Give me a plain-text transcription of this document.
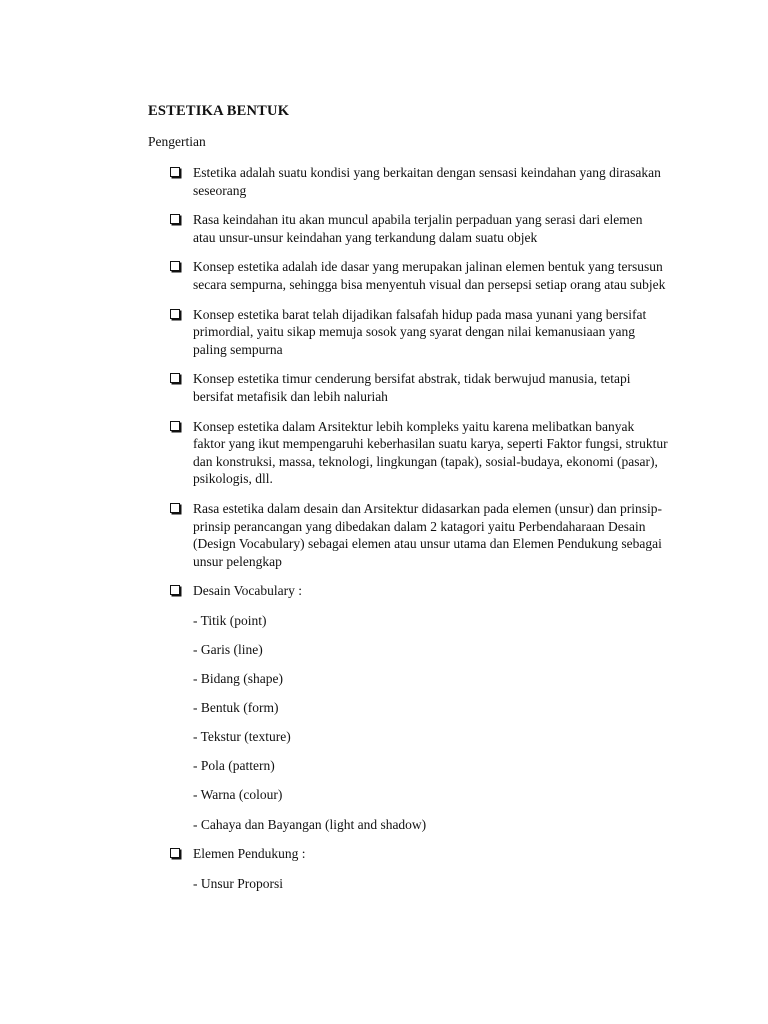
ESTETIKA BENTUK

Pengertian

Estetika adalah suatu kondisi yang berkaitan dengan sensasi keindahan yang dirasakan seseorang
Rasa keindahan itu akan muncul apabila terjalin perpaduan yang serasi dari elemen atau unsur-unsur keindahan yang terkandung dalam suatu objek
Konsep estetika adalah ide dasar yang merupakan jalinan elemen bentuk yang tersusun secara sempurna, sehingga bisa menyentuh visual dan persepsi setiap orang atau subjek
Konsep estetika barat telah dijadikan falsafah hidup pada masa yunani yang bersifat primordial, yaitu sikap memuja sosok yang syarat dengan nilai kemanusiaan yang paling sempurna
Konsep estetika timur cenderung bersifat abstrak, tidak berwujud manusia, tetapi bersifat metafisik dan lebih naluriah
Konsep estetika dalam Arsitektur lebih kompleks yaitu karena melibatkan banyak faktor yang ikut mempengaruhi keberhasilan suatu karya, seperti Faktor fungsi, struktur dan konstruksi, massa, teknologi, lingkungan (tapak), sosial-budaya, ekonomi (pasar), psikologis, dll.
Rasa estetika dalam desain dan Arsitektur didasarkan pada elemen (unsur) dan prinsip-prinsip perancangan yang dibedakan dalam 2 katagori yaitu Perbendaharaan Desain (Design Vocabulary) sebagai elemen atau unsur utama dan Elemen Pendukung sebagai unsur pelengkap
Desain Vocabulary :
- Titik (point)
- Garis (line)
- Bidang (shape)
- Bentuk (form)
- Tekstur (texture)
- Pola (pattern)
- Warna (colour)
- Cahaya dan Bayangan (light and shadow)
Elemen Pendukung :
- Unsur Proporsi
